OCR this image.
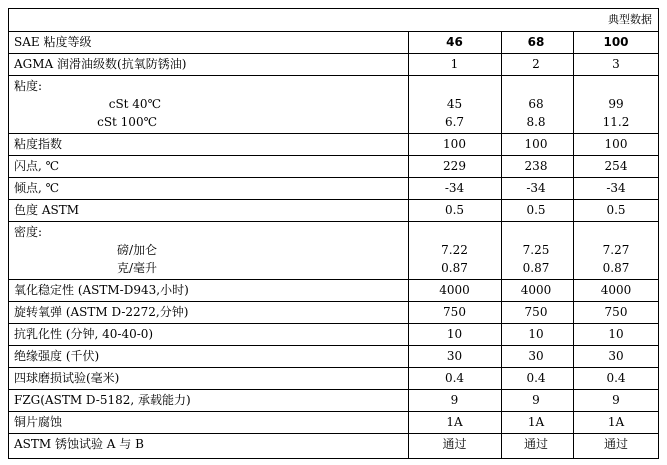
典型数据
SAE 粘度等级	46	68	100
AGMA 润滑油级数(抗氧防锈油)	1	2	3
粘度:
cSt 40℃	45	68	99
cSt 100℃	6.7	8.8	11.2
粘度指数	100	100	100
闪点, ℃	229	238	254
倾点, ℃	-34	-34	-34
色度 ASTM	0.5	0.5	0.5
密度:
磅/加仑	7.22	7.25	7.27
克/毫升	0.87	0.87	0.87
氧化稳定性 (ASTM-D943,小时)	4000	4000	4000
旋转氧弹 (ASTM D-2272,分钟)	750	750	750
抗乳化性 (分钟, 40-40-0)	10	10	10
绝缘强度 (千伏)	30	30	30
四球磨损试验(毫米)	0.4	0.4	0.4
FZG(ASTM D-5182, 承载能力)	9	9	9
铜片腐蚀	1A	1A	1A
ASTM 锈蚀试验 A 与 B	通过	通过	通过
